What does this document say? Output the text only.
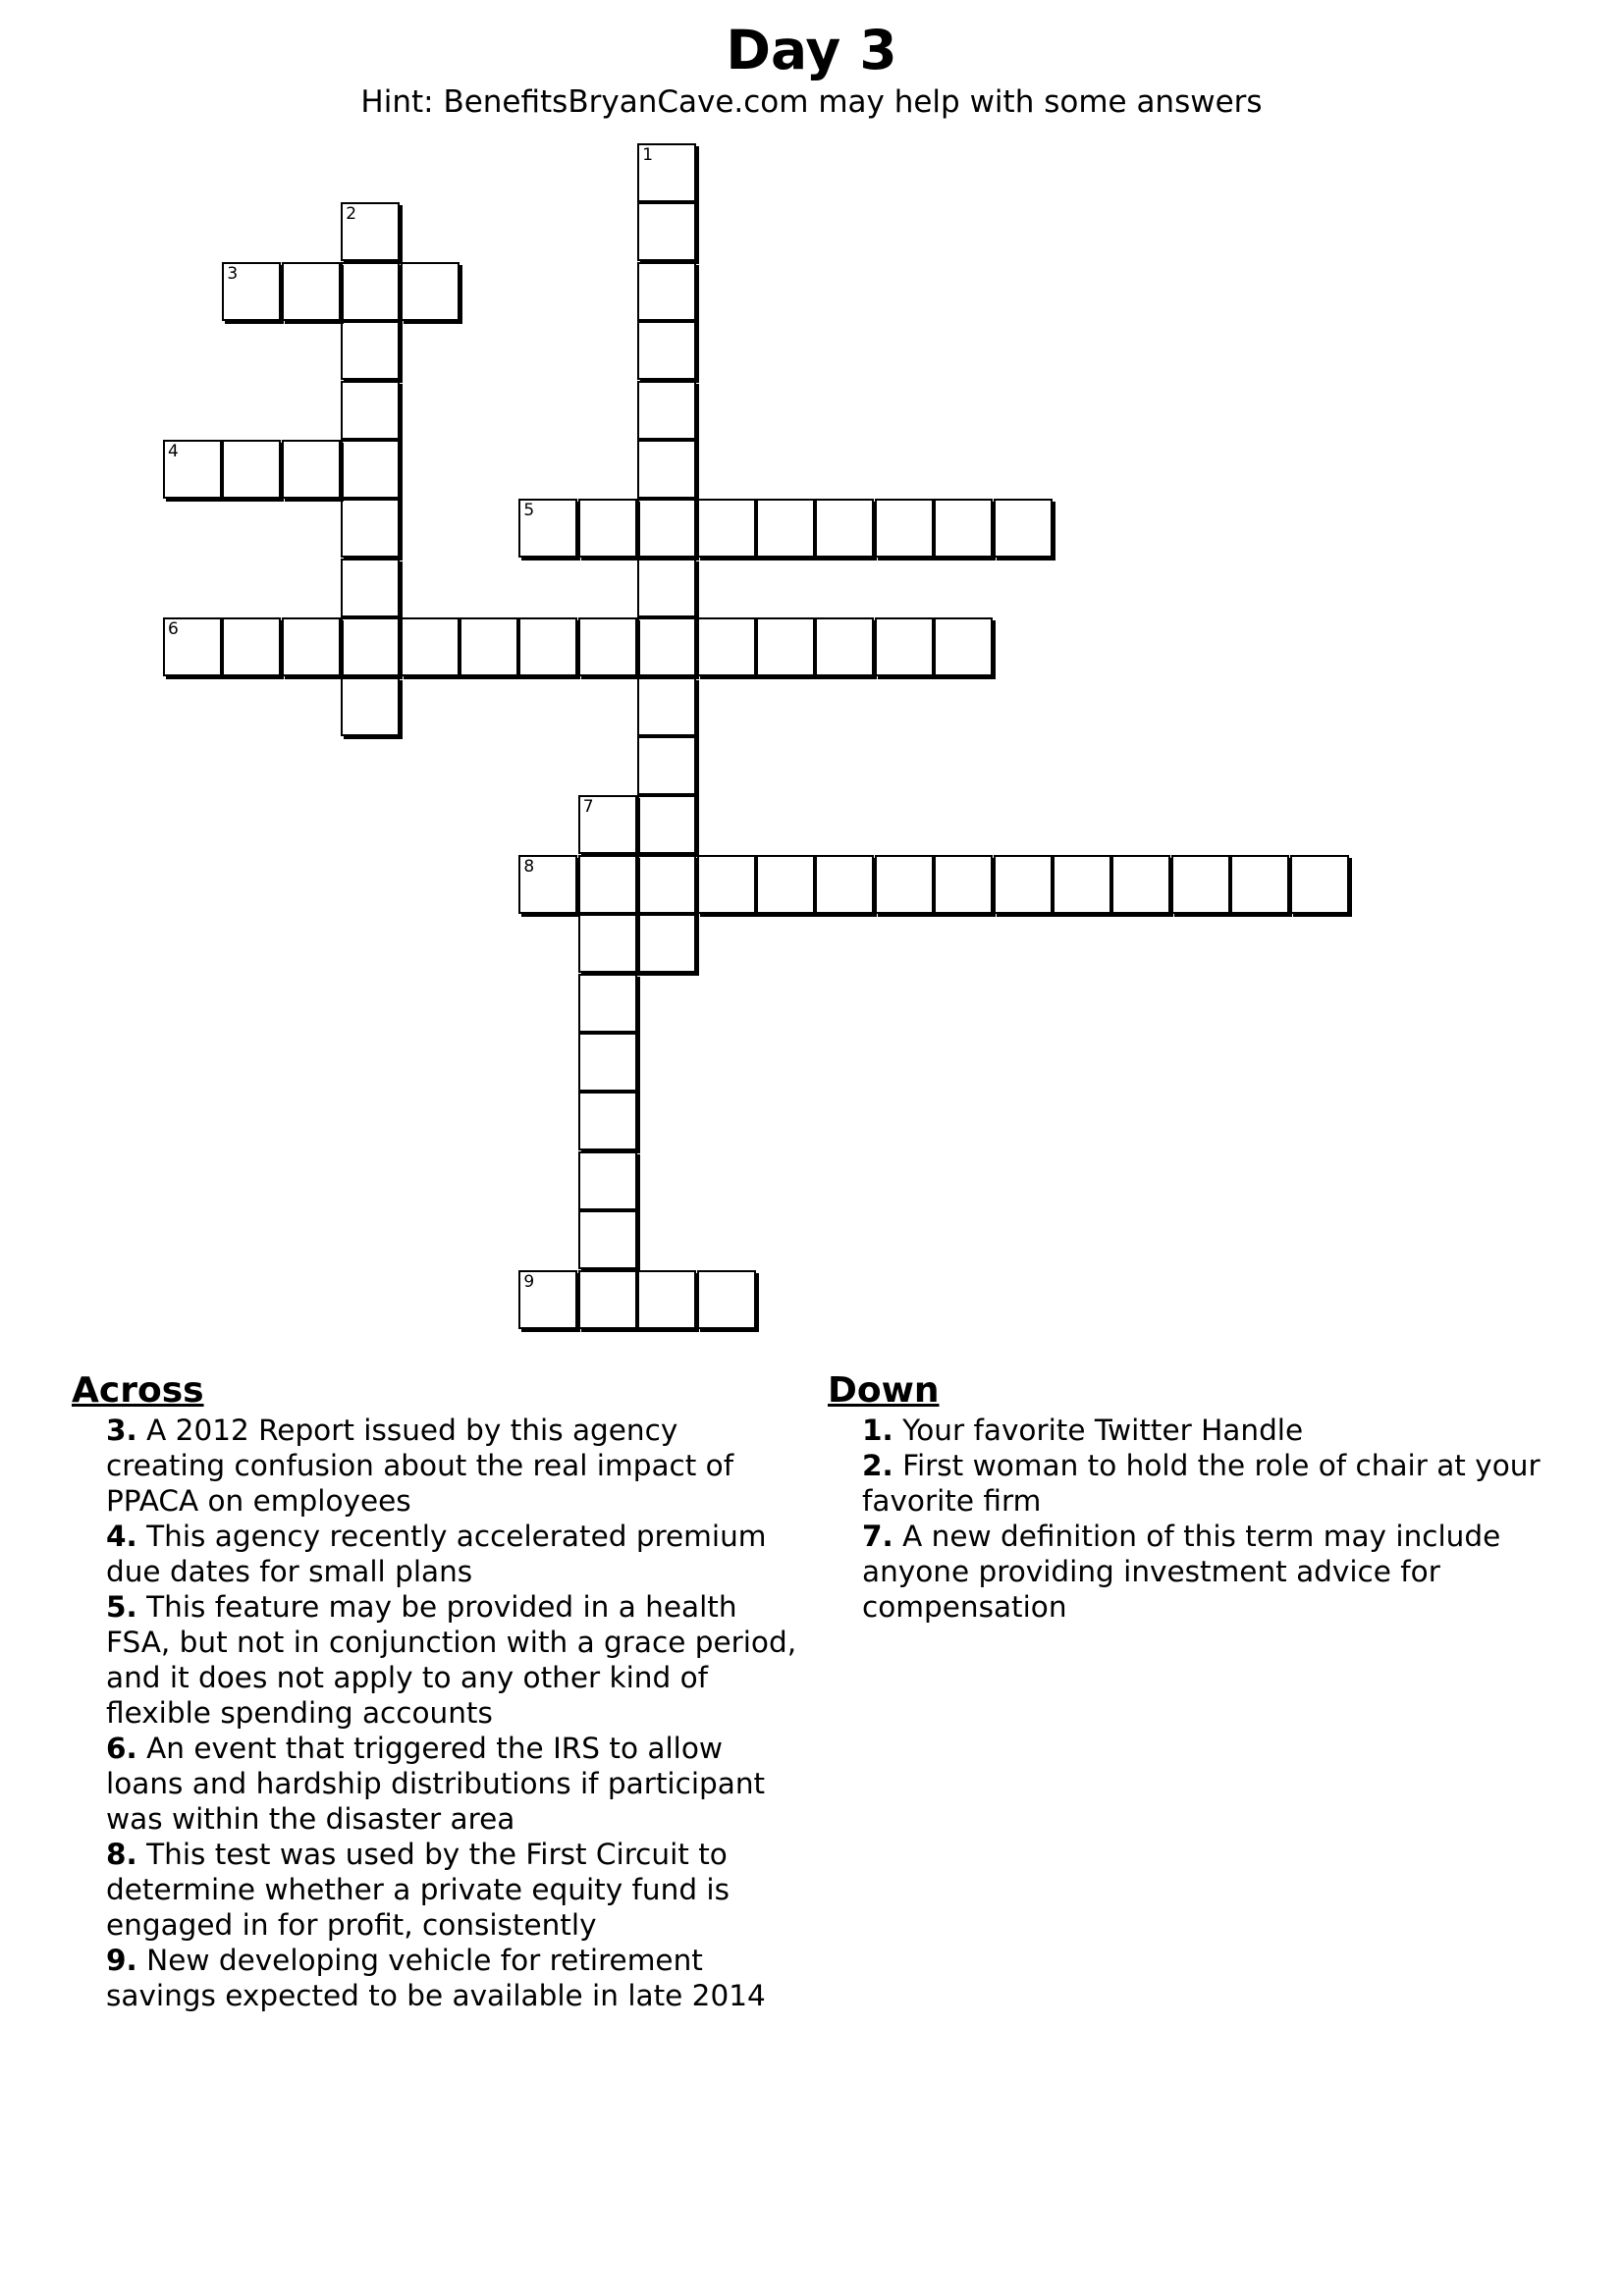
Day 3
Hint: BenefitsBryanCave.com may help with some answers
1
2
3
4
5
6
7
8
9
Across
3. A 2012 Report issued by this agency creating confusion about the real impact of PPACA on employees
4. This agency recently accelerated premium due dates for small plans
5. This feature may be provided in a health FSA, but not in conjunction with a grace period, and it does not apply to any other kind of flexible spending accounts
6. An event that triggered the IRS to allow loans and hardship distributions if participant was within the disaster area
8. This test was used by the First Circuit to determine whether a private equity fund is engaged in for profit, consistently
9. New developing vehicle for retirement savings expected to be available in late 2014
Down
1. Your favorite Twitter Handle
2. First woman to hold the role of chair at your favorite firm
7. A new definition of this term may include anyone providing investment advice for compensation
